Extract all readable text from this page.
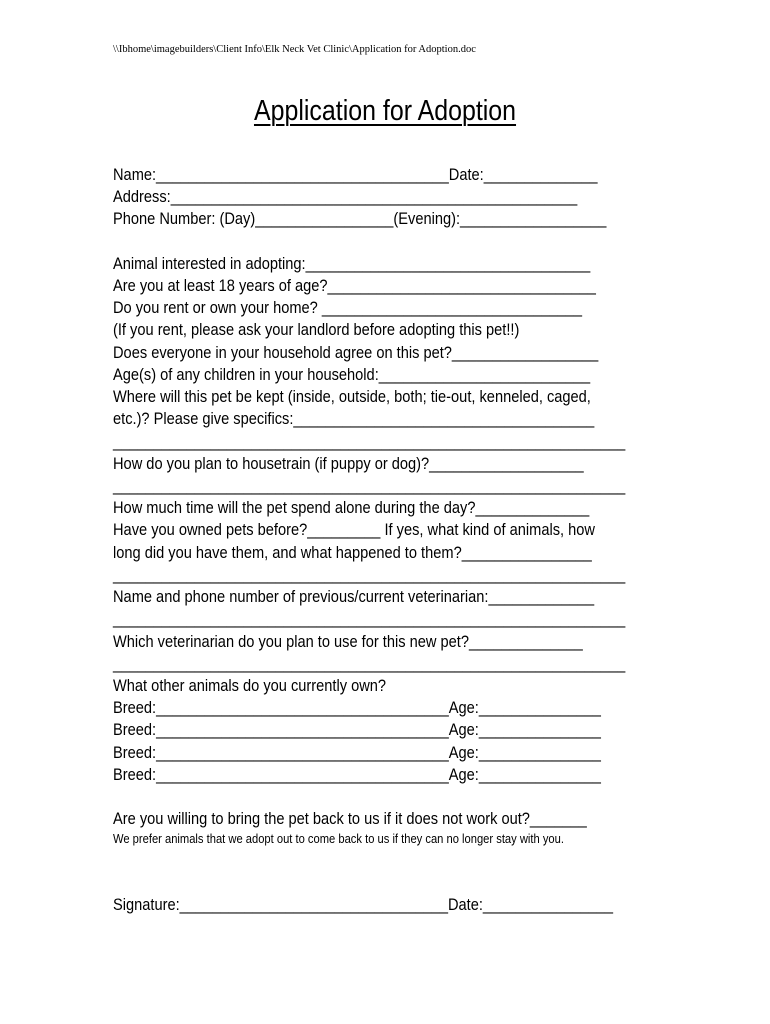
\\Ibhome\imagebuilders\Client Info\Elk Neck Vet Clinic\Application for Adoption.doc
Application for Adoption
Name:____________________________________Date:______________
Address:__________________________________________________
Phone Number: (Day)_________________(Evening):__________________
Animal interested in adopting:___________________________________
Are you at least 18 years of age?_________________________________
Do you rent or own your home? ________________________________
(If you rent, please ask your landlord before adopting this pet!!)
Does everyone in your household agree on this pet?__________________
Age(s) of any children in your household:__________________________
Where will this pet be kept (inside, outside, both; tie-out, kenneled, caged,
etc.)? Please give specifics:_____________________________________
_______________________________________________________________
How do you plan to housetrain (if puppy or dog)?___________________
_______________________________________________________________
How much time will the pet spend alone during the day?______________
Have you owned pets before?_________ If yes, what kind of animals, how
long did you have them, and what happened to them?________________
_______________________________________________________________
Name and phone number of previous/current veterinarian:_____________
_______________________________________________________________
Which veterinarian do you plan to use for this new pet?______________
_______________________________________________________________
What other animals do you currently own?
Breed:____________________________________Age:_______________
Breed:____________________________________Age:_______________
Breed:____________________________________Age:_______________
Breed:____________________________________Age:_______________
Are you willing to bring the pet back to us if it does not work out?_______
We prefer animals that we adopt out to come back to us if they can no longer stay with you.
Signature:_________________________________Date:________________
